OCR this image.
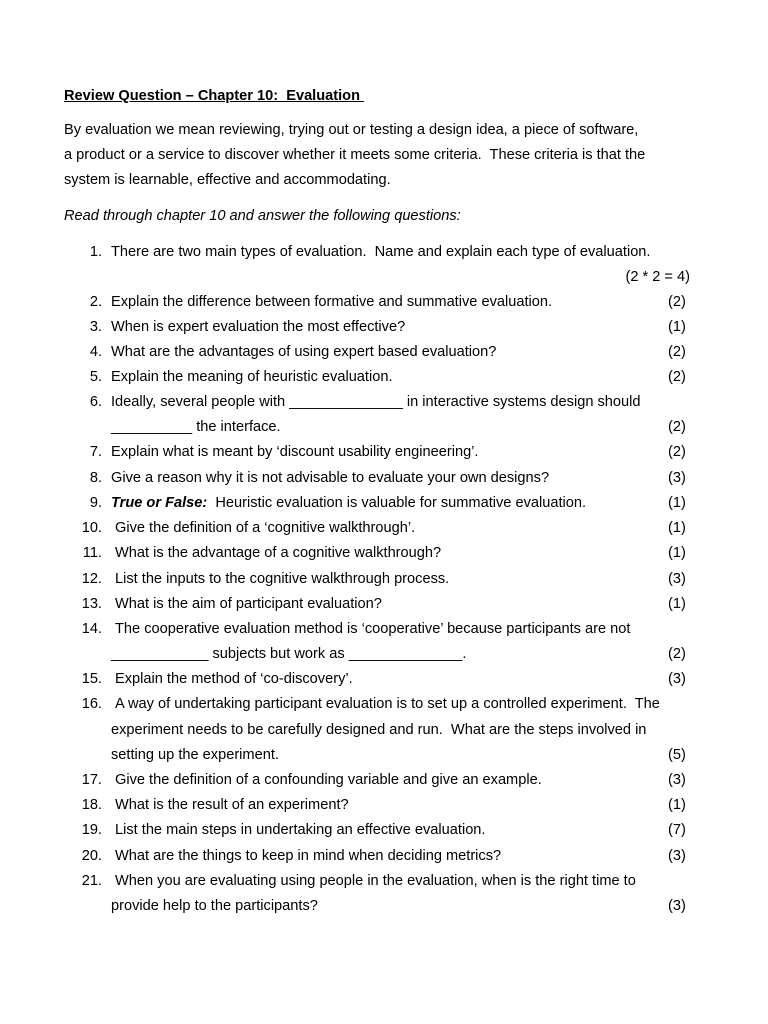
Review Question – Chapter 10:  Evaluation
By evaluation we mean reviewing, trying out or testing a design idea, a piece of software,
a product or a service to discover whether it meets some criteria.  These criteria is that the
system is learnable, effective and accommodating.
Read through chapter 10 and answer the following questions:
1. There are two main types of evaluation.  Name and explain each type of evaluation.
(2 * 2 = 4)
2. Explain the difference between formative and summative evaluation.	(2)
3. When is expert evaluation the most effective?	(1)
4. What are the advantages of using expert based evaluation?	(2)
5. Explain the meaning of heuristic evaluation.	(2)
6. Ideally, several people with ______________ in interactive systems design should
__________ the interface.	(2)
7. Explain what is meant by ‘discount usability engineering’.	(2)
8. Give a reason why it is not advisable to evaluate your own designs?	(3)
9. True or False:  Heuristic evaluation is valuable for summative evaluation.	(1)
10. Give the definition of a ‘cognitive walkthrough’.	(1)
11. What is the advantage of a cognitive walkthrough?	(1)
12. List the inputs to the cognitive walkthrough process.	(3)
13. What is the aim of participant evaluation?	(1)
14. The cooperative evaluation method is ‘cooperative’ because participants are not
____________ subjects but work as ______________.	(2)
15. Explain the method of ‘co-discovery’.	(3)
16. A way of undertaking participant evaluation is to set up a controlled experiment.  The
experiment needs to be carefully designed and run.  What are the steps involved in
setting up the experiment.	(5)
17. Give the definition of a confounding variable and give an example.	(3)
18. What is the result of an experiment?	(1)
19. List the main steps in undertaking an effective evaluation.	(7)
20. What are the things to keep in mind when deciding metrics?	(3)
21. When you are evaluating using people in the evaluation, when is the right time to
provide help to the participants?	(3)
